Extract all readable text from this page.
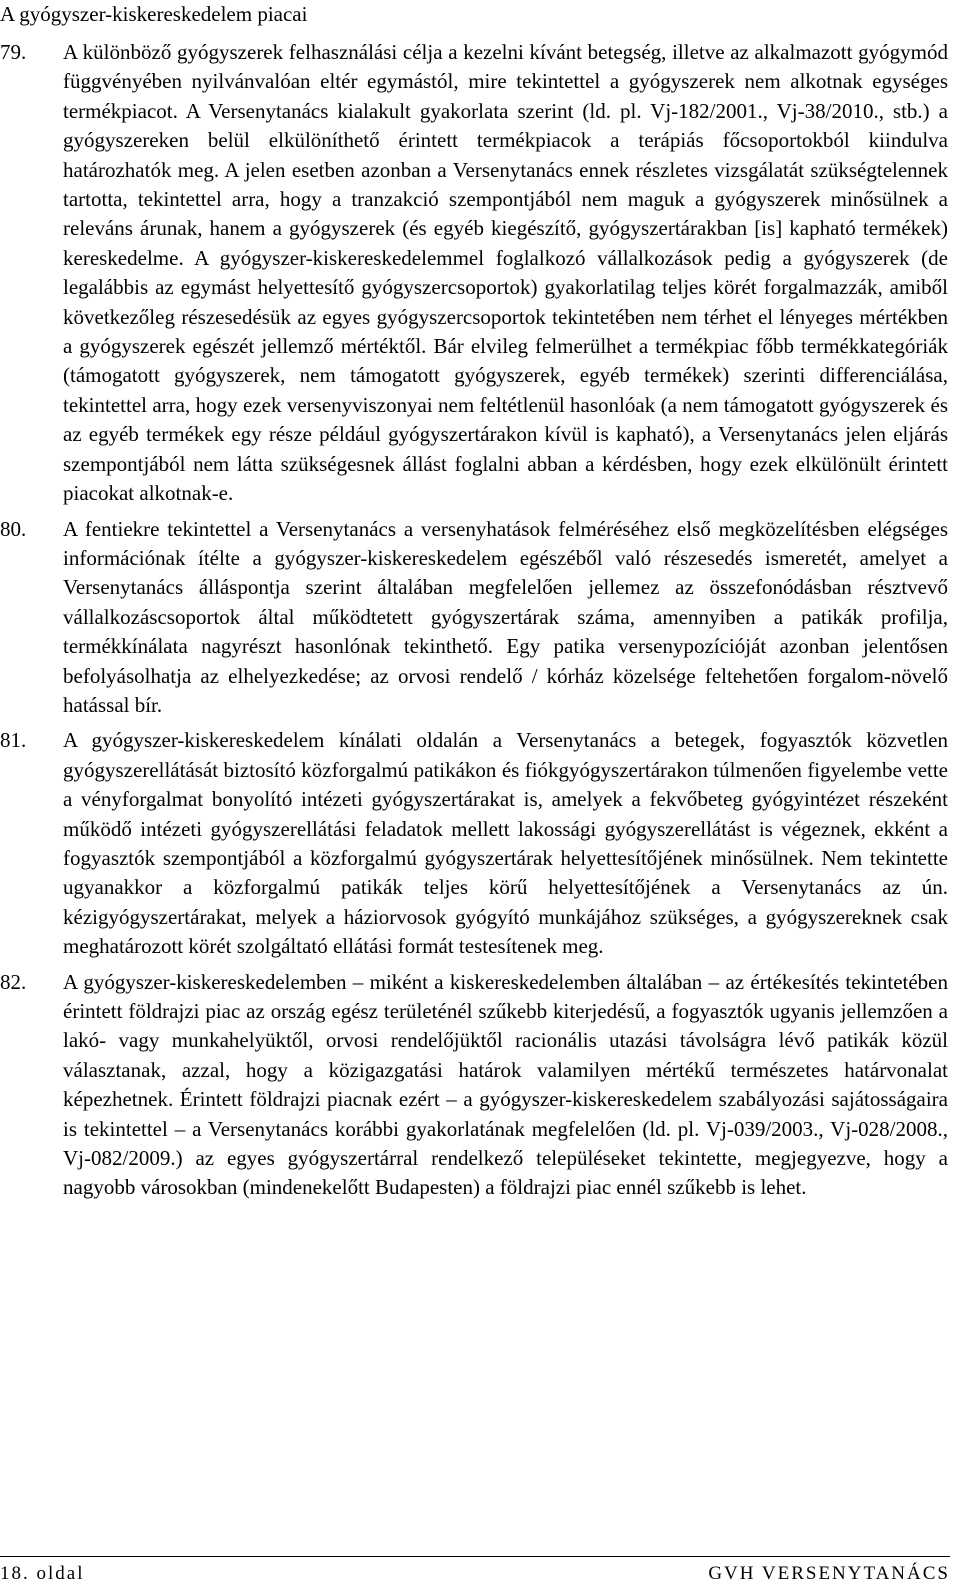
A gyógyszer-kiskereskedelem piacai
79.	A különböző gyógyszerek felhasználási célja a kezelni kívánt betegség, illetve az alkalmazott gyógymód függvényében nyilvánvalóan eltér egymástól, mire tekintettel a gyógyszerek nem alkotnak egységes termékpiacot. A Versenytanács kialakult gyakorlata szerint (ld. pl. Vj-182/2001., Vj-38/2010., stb.) a gyógyszereken belül elkülöníthető érintett termékpiacok a terápiás főcsoportokból kiindulva határozhatók meg. A jelen esetben azonban a Versenytanács ennek részletes vizsgálatát szükségtelennek tartotta, tekintettel arra, hogy a tranzakció szempontjából nem maguk a gyógyszerek minősülnek a releváns árunak, hanem a gyógyszerek (és egyéb kiegészítő, gyógyszertárakban [is] kapható termékek) kereskedelme. A gyógyszer-kiskereskedelemmel foglalkozó vállalkozások pedig a gyógyszerek (de legalábbis az egymást helyettesítő gyógyszercsoportok) gyakorlatilag teljes körét forgalmazzák, amiből következőleg részesedésük az egyes gyógyszercsoportok tekintetében nem térhet el lényeges mértékben a gyógyszerek egészét jellemző mértéktől. Bár elvileg felmerülhet a termékpiac főbb termékkategóriák (támogatott gyógyszerek, nem támogatott gyógyszerek, egyéb termékek) szerinti differenciálása, tekintettel arra, hogy ezek versenyviszonyai nem feltétlenül hasonlóak (a nem támogatott gyógyszerek és az egyéb termékek egy része például gyógyszertárakon kívül is kapható), a Versenytanács jelen eljárás szempontjából nem látta szükségesnek állást foglalni abban a kérdésben, hogy ezek elkülönült érintett piacokat alkotnak-e.
80.	A fentiekre tekintettel a Versenytanács a versenyhatások felméréséhez első megközelítésben elégséges információnak ítélte a gyógyszer-kiskereskedelem egészéből való részesedés ismeretét, amelyet a Versenytanács álláspontja szerint általában megfelelően jellemez az összefonódásban résztvevő vállalkozáscsoportok által működtetett gyógyszertárak száma, amennyiben a patikák profilja, termékkínálata nagyrészt hasonlónak tekinthető. Egy patika versenypozícióját azonban jelentősen befolyásolhatja az elhelyezkedése; az orvosi rendelő / kórház közelsége feltehetően forgalom-növelő hatással bír.
81.	A gyógyszer-kiskereskedelem kínálati oldalán a Versenytanács a betegek, fogyasztók közvetlen gyógyszerellátását biztosító közforgalmú patikákon és fiókgyógyszertárakon túlmenően figyelembe vette a vényforgalmat bonyolító intézeti gyógyszertárakat is, amelyek a fekvőbeteg gyógyintézet részeként működő intézeti gyógyszerellátási feladatok mellett lakossági gyógyszerellátást is végeznek, ekként a fogyasztók szempontjából a közforgalmú gyógyszertárak helyettesítőjének minősülnek. Nem tekintette ugyanakkor a közforgalmú patikák teljes körű helyettesítőjének a Versenytanács az ún. kézigyógyszertárakat, melyek a háziorvosok gyógyító munkájához szükséges, a gyógyszereknek csak meghatározott körét szolgáltató ellátási formát testesítenek meg.
82.	A gyógyszer-kiskereskedelemben – miként a kiskereskedelemben általában – az értékesítés tekintetében érintett földrajzi piac az ország egész területénél szűkebb kiterjedésű, a fogyasztók ugyanis jellemzően a lakó- vagy munkahelyüktől, orvosi rendelőjüktől racionális utazási távolságra lévő patikák közül választanak, azzal, hogy a közigazgatási határok valamilyen mértékű természetes határvonalat képezhetnek. Érintett földrajzi piacnak ezért – a gyógyszer-kiskereskedelem szabályozási sajátosságaira is tekintettel – a Versenytanács korábbi gyakorlatának megfelelően (ld. pl. Vj-039/2003., Vj-028/2008., Vj-082/2009.) az egyes gyógyszertárral rendelkező településeket tekintette, megjegyezve, hogy a nagyobb városokban (mindenekelőtt Budapesten) a földrajzi piac ennél szűkebb is lehet.
18. oldal	GVH VERSENYTANÁCS
